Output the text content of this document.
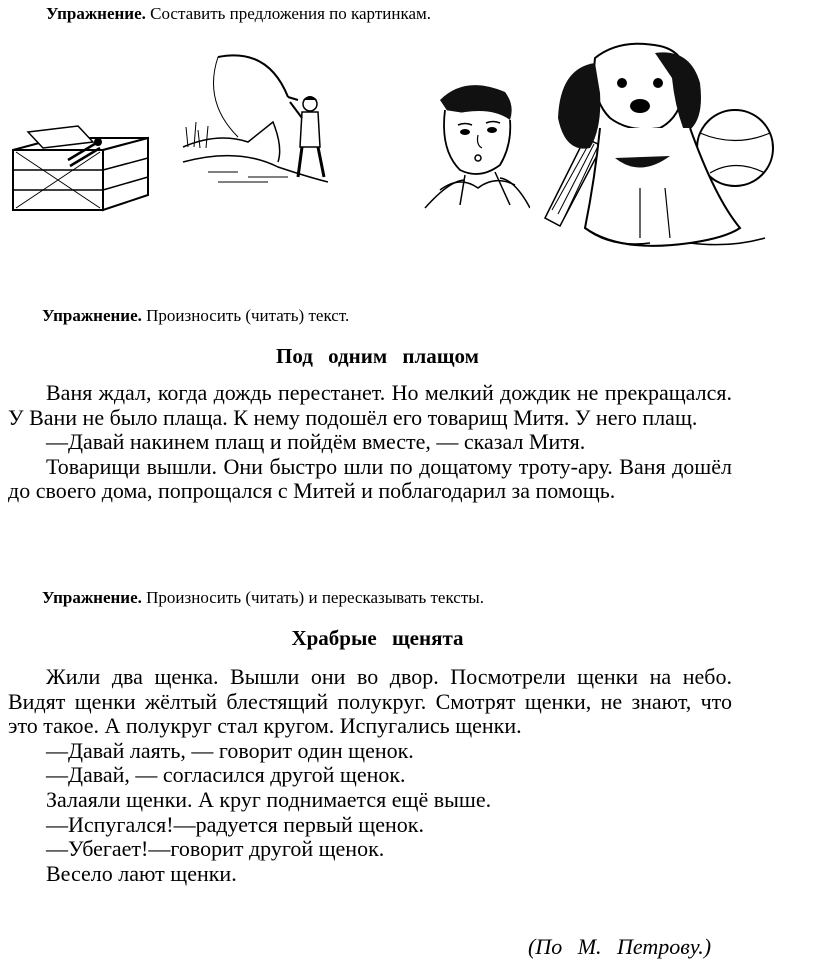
Упражнение. Составить предложения по картинкам.
Упражнение. Произносить (читать) текст.
Под одним плащом

Ваня ждал, когда дождь перестанет. Но мелкий дождик не прекращался. У Вани не было плаща. К нему подошёл его товарищ Митя. У него плащ.

—Давай накинем плащ и пойдём вместе, — сказал Митя.

Товарищи вышли. Они быстро шли по дощатому троту-ару. Ваня дошёл до своего дома, попрощался с Митей и поблагодарил за помощь.

Упражнение. Произносить (читать) и пересказывать тексты.
Храбрые щенята

Жили два щенка. Вышли они во двор. Посмотрели щенки на небо. Видят щенки жёлтый блестящий полукруг. Смотрят щенки, не знают, что это такое. А полукруг стал кругом. Испугались щенки.

—Давай лаять, — говорит один щенок.

—Давай, — согласился другой щенок.

Залаяли щенки. А круг поднимается ещё выше.

—Испугался!—радуется первый щенок.

—Убегает!—говорит другой щенок.

Весело лают щенки.

(По М. Петрову.)
